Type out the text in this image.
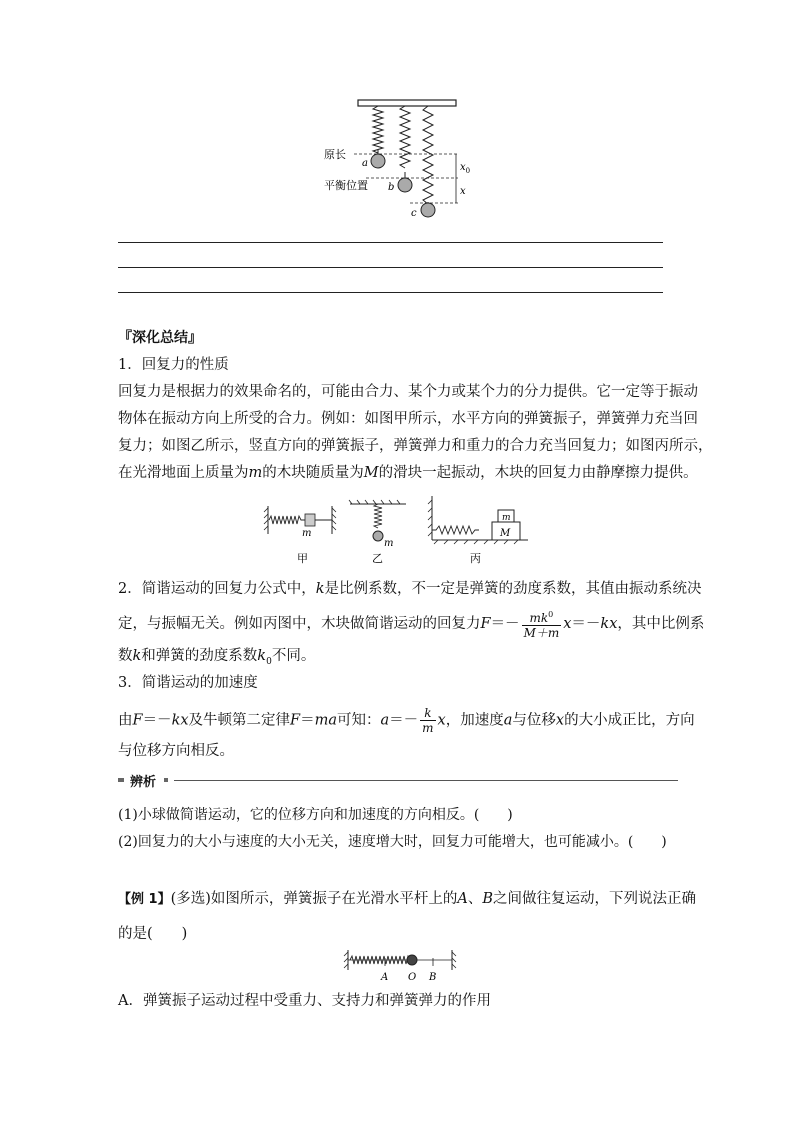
原长
平衡位置
a
b
c
$x_0$
x
『深化总结』
1．回复力的性质
回复力是根据力的效果命名的，可能由合力、某个力或某个力的分力提供。它一定等于振动
物体在振动方向上所受的合力。例如：如图甲所示，水平方向的弹簧振子，弹簧弹力充当回
复力；如图乙所示，竖直方向的弹簧振子，弹簧弹力和重力的合力充当回复力；如图丙所示，
在光滑地面上质量为m的木块随质量为M的滑块一起振动，木块的回复力由静摩擦力提供。
m
甲
m
乙
M
m
丙
2．简谐运动的回复力公式中，k是比例系数，不一定是弹簧的劲度系数，其值由振动系统决
定，与振幅无关。例如丙图中，木块做简谐运动的回复力$F=- \frac{mk^0}{M+m} x=-kx$，其中比例系
数k和弹簧的劲度系数$k_0$不同。
3．简谐运动的加速度
由F＝－kx及牛顿第二定律F＝ma可知：$a=- \frac{k}{m}$ x，加速度a与位移x的大小成正比，方向
与位移方向相反。
辨析
(1)小球做简谐运动，它的位移方向和加速度的方向相反。(　　)
(2)回复力的大小与速度的大小无关，速度增大时，回复力可能增大，也可能减小。(　　)
【例 1】(多选)如图所示，弹簧振子在光滑水平杆上的A、B之间做往复运动，下列说法正确
的是(　　)
A O B
A．弹簧振子运动过程中受重力、支持力和弹簧弹力的作用
